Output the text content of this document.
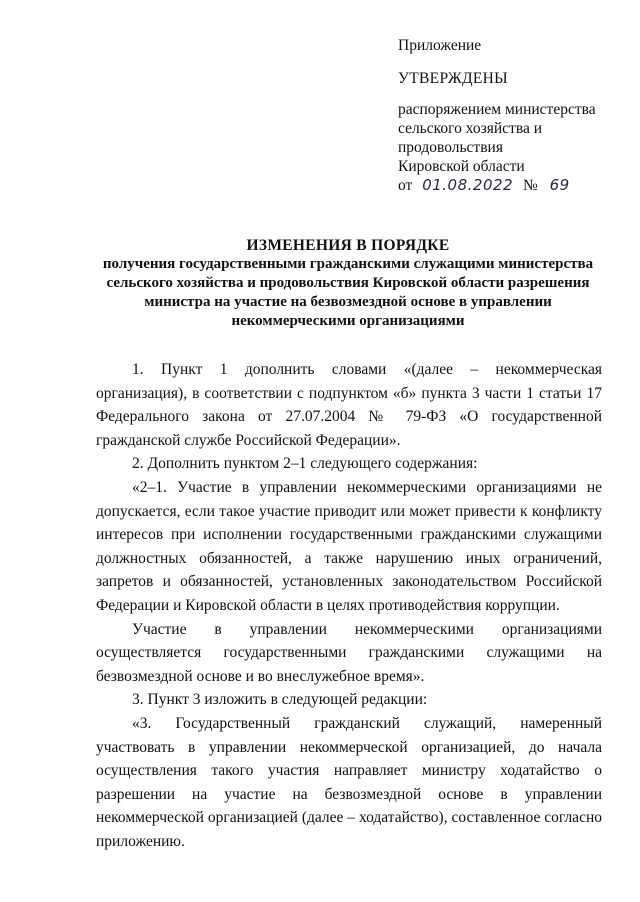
Приложение
УТВЕРЖДЕНЫ
распоряжением министерства
сельского хозяйства и
продовольствия
Кировской области
от 01.08.2022 № 69
ИЗМЕНЕНИЯ В ПОРЯДКЕ
получения государственными гражданскими служащими министерства сельского хозяйства и продовольствия Кировской области разрешения министра на участие на безвозмездной основе в управлении некоммерческими организациями

1. Пункт 1 дополнить словами «(далее – некоммерческая организация), в соответствии с подпунктом «б» пункта 3 части 1 статьи 17 Федерального закона от 27.07.2004 № 79-ФЗ «О государственной гражданской службе Российской Федерации».

2. Дополнить пунктом 2–1 следующего содержания:

«2–1. Участие в управлении некоммерческими организациями не допускается, если такое участие приводит или может привести к конфликту интересов при исполнении государственными гражданскими служащими должностных обязанностей, а также нарушению иных ограничений, запретов и обязанностей, установленных законодательством Российской Федерации и Кировской области в целях противодействия коррупции.

Участие в управлении некоммерческими организациями осуществляется государственными гражданскими служащими на безвозмездной основе и во внеслужебное время».

3. Пункт 3 изложить в следующей редакции:

«3. Государственный гражданский служащий, намеренный участвовать в управлении некоммерческой организацией, до начала осуществления такого участия направляет министру ходатайство о разрешении на участие на безвозмездной основе в управлении некоммерческой организацией (далее – ходатайство), составленное согласно приложению.
